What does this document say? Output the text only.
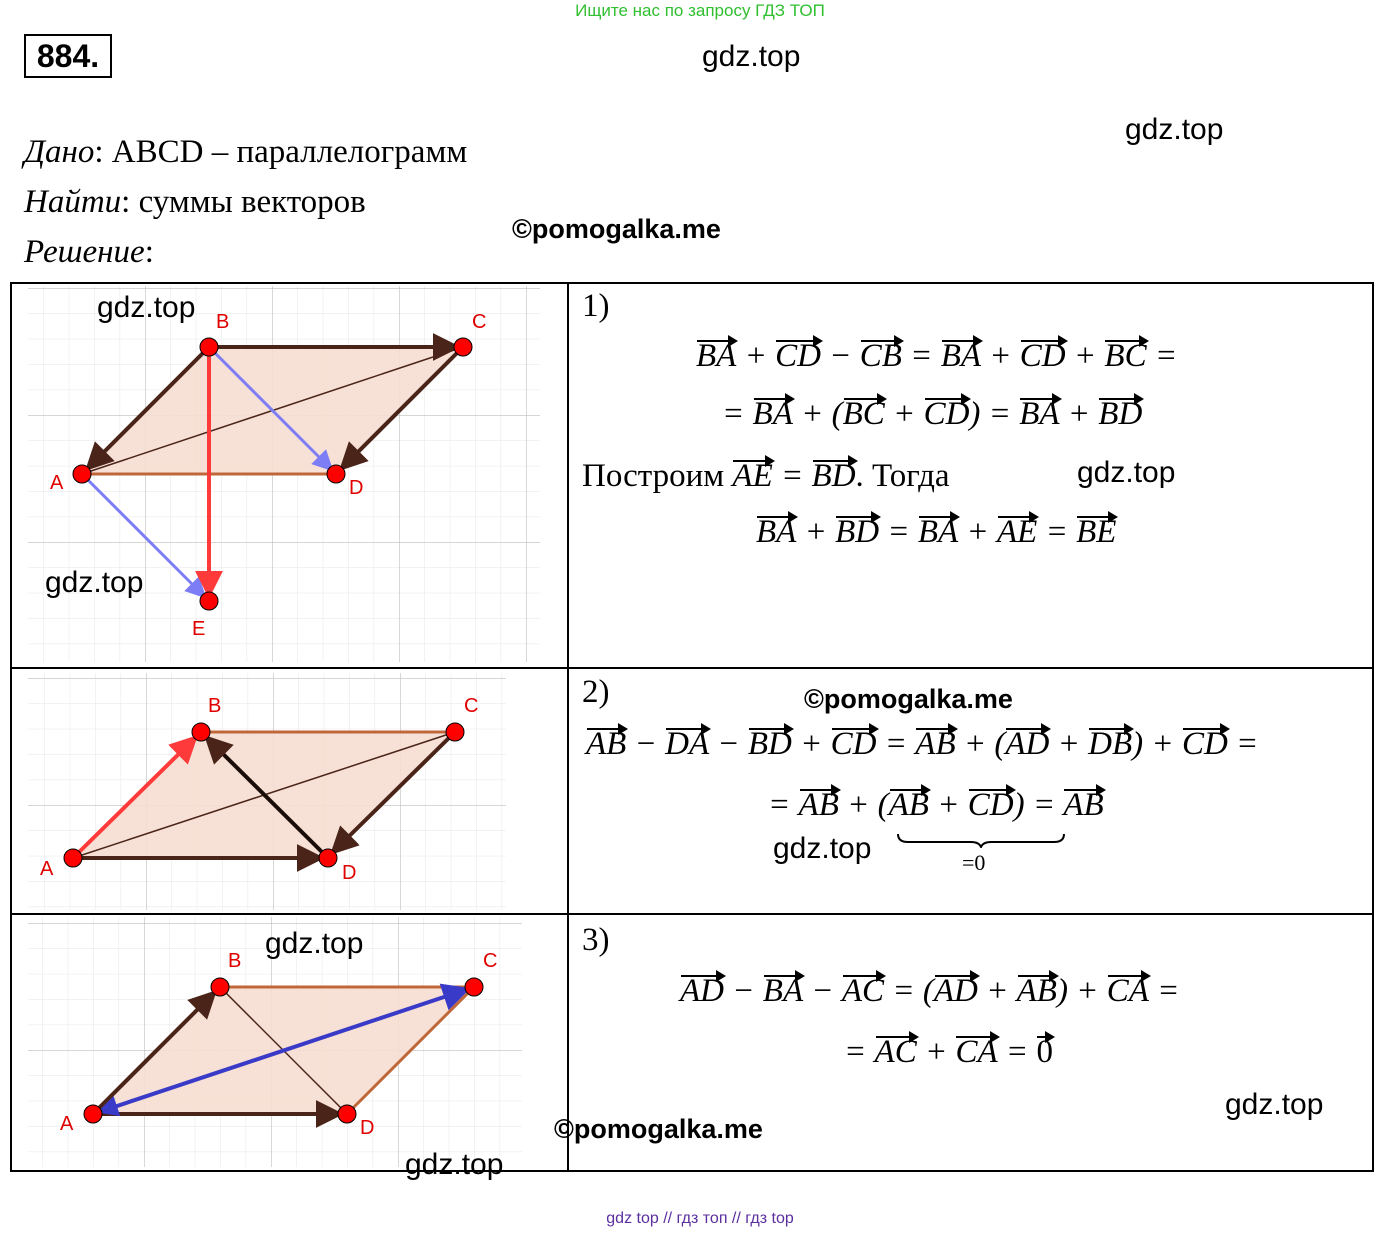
Ищите нас по запросу ГДЗ ТОП
884.	gdz.top
gdz.top
©pomogalka.me
Дано: ABCD – параллелограмм
Найти: суммы векторов
Решение:
A
B	C
D
E
gdz.top
gdz.top
A
B	C
D
A
B	C
D
gdz.top
1)
BA + CD − CB = BA + CD + BC =
= BA + (BC + CD) = BA + BD
Построим AE = BD. Тогда
BA + BD = BA + AE = BE
gdz.top
2)	©pomogalka.me
AB − DA − BD + CD = AB + (AD + DB) + CD =
= AB + (AB + CD) = AB
=0
gdz.top
3)
AD − BA − AC = (AD + AB) + CA =
= AC + CA = 0
gdz.top
©pomogalka.me
gdz.top
gdz top // гдз топ // гдз top
